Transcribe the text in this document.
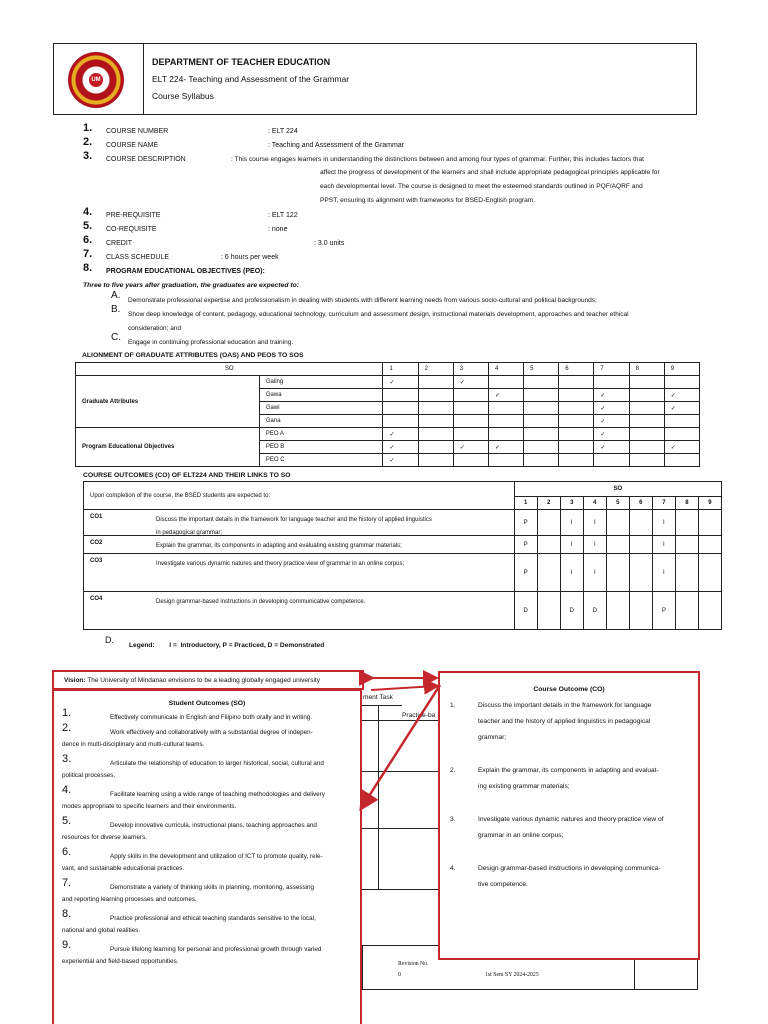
UM
DEPARTMENT OF TEACHER EDUCATION
ELT 224- Teaching and Assessment of the Grammar
Course Syllabus
1. COURSE NUMBER	: ELT 224
2. COURSE NAME	: Teaching and Assessment of the Grammar
3. COURSE DESCRIPTION	: This course engages learners in understanding the distinctions between and among four types of grammar. Further, this includes factors that
affect the progress of development of the learners and shall include appropriate pedagogical principles applicable for
each developmental level. The course is designed to meet the esteemed standards outlined in PQF/AQRF and
PPST, ensuring its alignment with frameworks for BSED-English program.
4. PRE-REQUISITE	: ELT 122
5. CO-REQUISITE	: none
6. CREDIT	: 3.0 units
7. CLASS SCHEDULE	: 6 hours per week
8. PROGRAM EDUCATIONAL OBJECTIVES (PEO):
Three to five years after graduation, the graduates are expected to:
A. Demonstrate professional expertise and professionalism in dealing with students with different learning needs from various socio-cultural and political backgrounds;
B. Show deep knowledge of content, pedagogy, educational technology, curriculum and assessment design, instructional materials development, approaches and teacher ethical
consideration; and
C. Engage in continuing professional education and training.
ALIONMENT OF GRADUATE ATTRIBUTES (OAS) AND PEOS TO SOS
SO		1	2	3	4	5	6	7	8	9
Graduate Attributes	Galing	✓		✓						
	Gawa				✓			✓		✓
	Gawi							✓		✓
	Gana							✓		
Program Educational Objectives	PEO A	✓						✓		
	PEO B	✓		✓	✓			✓		✓
	PEO C	✓								
COURSE OUTCOMES (CO) OF ELT224 AND THEIR LINKS TO SO
Upon completion of the course, the BSED students are expected to:	SO								
	1	2	3	4	5	6	7	8	9

CO1 Discuss the important details in the framework for language teacher and the history of applied linguistics
in pedagogical grammar;	P		I	I			I		

CO2 Explain the grammar, its components in adapting and evaluating existing grammar materials;	P		I	I			I		

CO3 Investigate various dynamic natures and theory practice view of grammar in an online corpus;	P		I	I			I		

CO4 Design grammar-based instructions in developing communicative competence.	D		D	D			P		
D.
Legend:        I =  Introductory, P = Practiced, D = Demonstrated
Vision: The University of Mindanao envisions to be a leading globally engaged university
ment Task
Practice-ba
Revision No.
0	1st Sem SY 2024-2025
Student Outcomes (SO)
1.	Effectively communicate in English and Filipino both orally and in writing.
2.	Work effectively and collaboratively with a substantial degree of indepen-
dence in multi-disciplinary and multi-cultural teams.
3.	Articulate the relationship of education to larger historical, social, cultural and
political processes.
4.	Facilitate learning using a wide range of teaching methodologies and delivery
modes appropriate to specific learners and their environments.
5.	Develop innovative curricula, instructional plans, teaching approaches and
resources for diverse learners.
6.	Apply skills in the development and utilization of ICT to promote quality, rele-
vant, and sustainable educational practices.
7.	Demonstrate a variety of thinking skills in planning, monitoring, assessing
and reporting learning processes and outcomes.
8.	Practice professional and ethical teaching standards sensitive to the local,
national and global realities.
9.	Pursue lifelong learning for personal and professional growth through varied
experiential and field-based opportunities.
Course Outcome (CO)
1.	Discuss the important details in the framework for language
teacher and the history of applied linguistics in pedagogical
grammar;
2.	Explain the grammar, its components in adapting and evaluat-
ing existing grammar materials;
3.	Investigate various dynamic natures and theory practice view of
grammar in an online corpus;
4.	Design grammar-based instructions in developing communica-
tive competence.
